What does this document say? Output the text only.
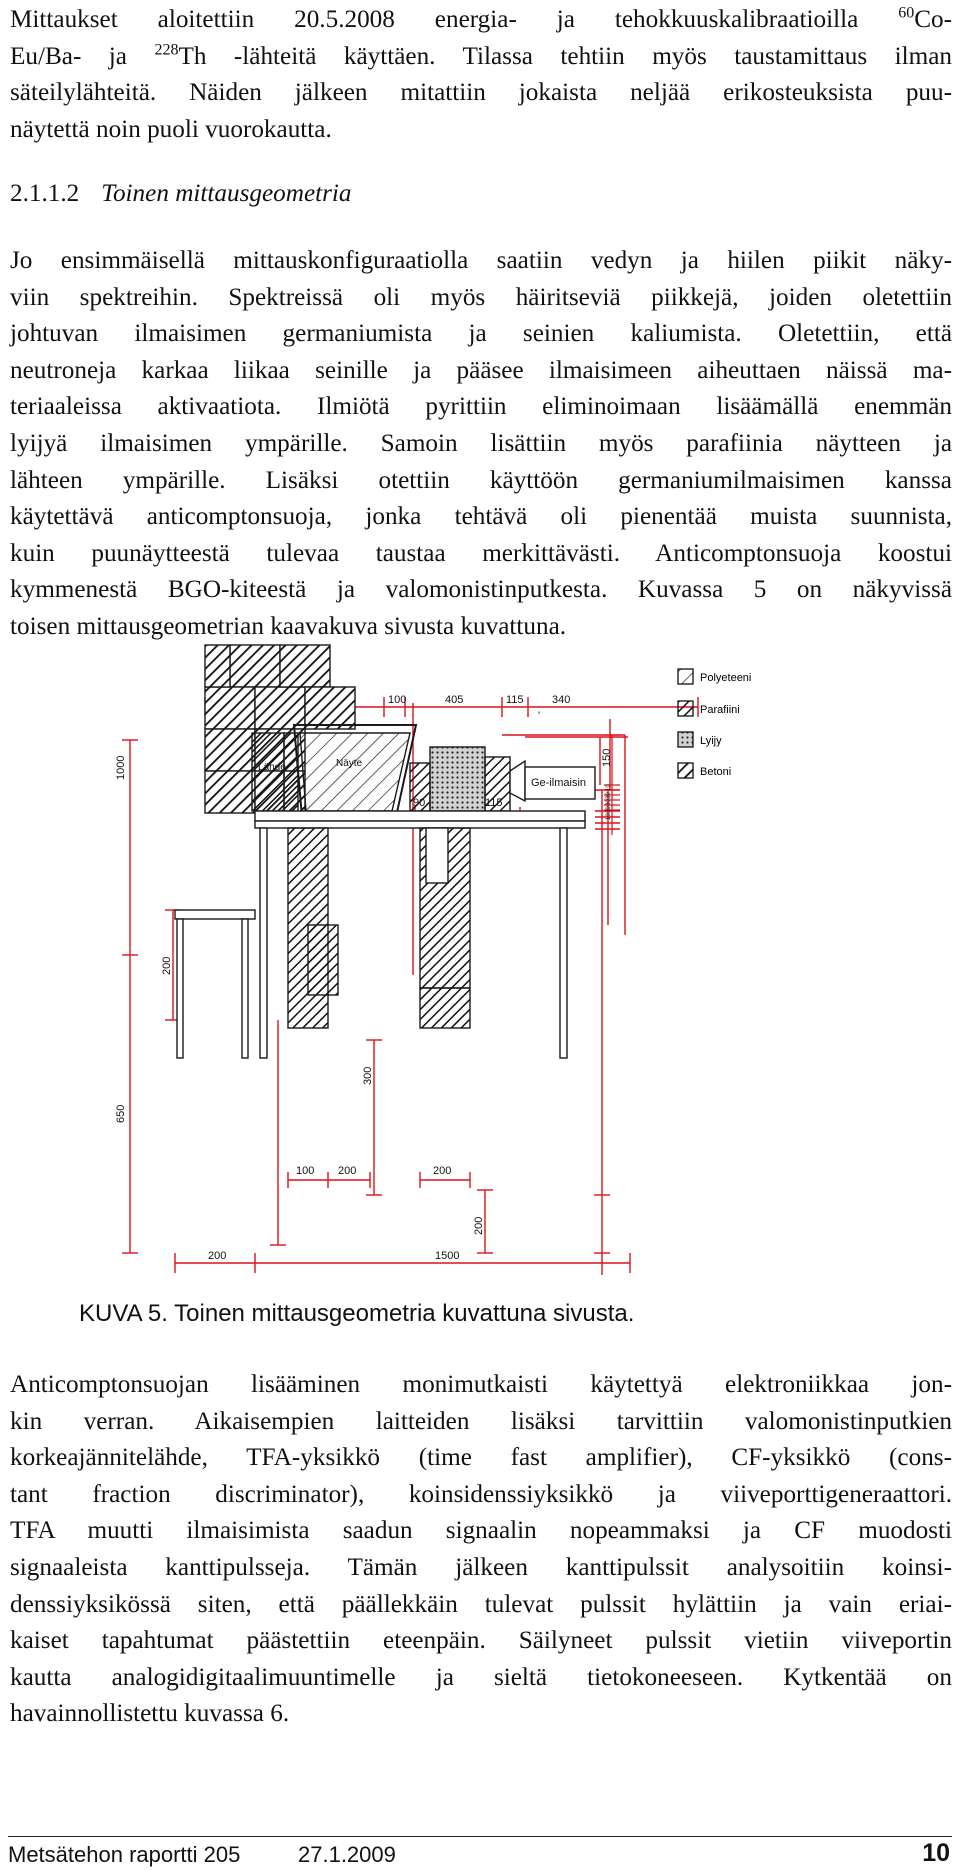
Mittaukset aloitettiin 20.5.2008 energia- ja tehokkuuskalibraatioilla $^{60}$Co-
Eu/Ba- ja $^{228}$Th -lähteitä käyttäen. Tilassa tehtiin myös taustamittaus ilman
säteilylähteitä. Näiden jälkeen mitattiin jokaista neljää erikosteuksista puu-
näytettä noin puoli vuorokautta.
2.1.1.2 Toinen mittausgeometria
Jo ensimmäisellä mittauskonfiguraatiolla saatiin vedyn ja hiilen piikit näky-
viin spektreihin. Spektreissä oli myös häiritseviä piikkejä, joiden oletettiin
johtuvan ilmaisimen germaniumista ja seinien kaliumista. Oletettiin, että
neutroneja karkaa liikaa seinille ja pääsee ilmaisimeen aiheuttaen näissä ma-
teriaaleissa aktivaatiota. Ilmiötä pyrittiin eliminoimaan lisäämällä enemmän
lyijyä ilmaisimen ympärille. Samoin lisättiin myös parafiinia näytteen ja
lähteen ympärille. Lisäksi otettiin käyttöön germaniumilmaisimen kanssa
käytettävä anticomptonsuoja, jonka tehtävä oli pienentää muista suunnista,
kuin puunäytteestä tulevaa taustaa merkittävästi. Anticomptonsuoja koostui
kymmenestä BGO-kiteestä ja valomonistinputkesta. Kuvassa 5 on näkyvissä
toisen mittausgeometrian kaavakuva sivusta kuvattuna.
100	405	115	340
'
1000
200
650
300
200
100 200	200
200	1500
150
10
30
30
30
10
Lähde	Näyte
Ge-ilmaisin
Polyeteeni
Parafiini
Lyijy
Betoni
KUVA 5. Toinen mittausgeometria kuvattuna sivusta.
Anticomptonsuojan lisääminen monimutkaisti käytettyä elektroniikkaa jon-
kin verran. Aikaisempien laitteiden lisäksi tarvittiin valomonistinputkien
korkeajännitelähde, TFA-yksikkö (time fast amplifier), CF-yksikkö (cons-
tant fraction discriminator), koinsidenssiyksikkö ja viiveporttigeneraattori.
TFA muutti ilmaisimista saadun signaalin nopeammaksi ja CF muodosti
signaaleista kanttipulsseja. Tämän jälkeen kanttipulssit analysoitiin koinsi-
denssiyksikössä siten, että päällekkäin tulevat pulssit hylättiin ja vain eriai-
kaiset tapahtumat päästettiin eteenpäin. Säilyneet pulssit vietiin viiveportin
kautta analogidigitaalimuuntimelle ja sieltä tietokoneeseen. Kytkentää on
havainnollistettu kuvassa 6.
Metsätehon raportti 205	27.1.2009	10
